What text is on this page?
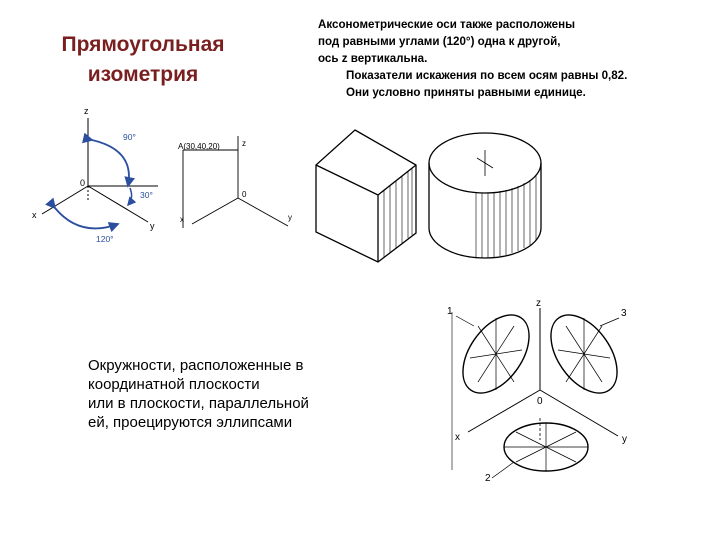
Прямоугольная
изометрия
Аксонометрические оси также расположены
под равными углами (120°) одна к другой,
ось z вертикальна.
Показатели искажения по всем осям равны 0,82.
Они условно приняты равными единице.
Окружности, расположенные в
координатной плоскости
или в плоскости, параллельной
ей, проецируются эллипсами
z
x
y
0
90°
30°
120°
A(30,40,20)	z
x	y
0
z
x	y
0
1
2
3
